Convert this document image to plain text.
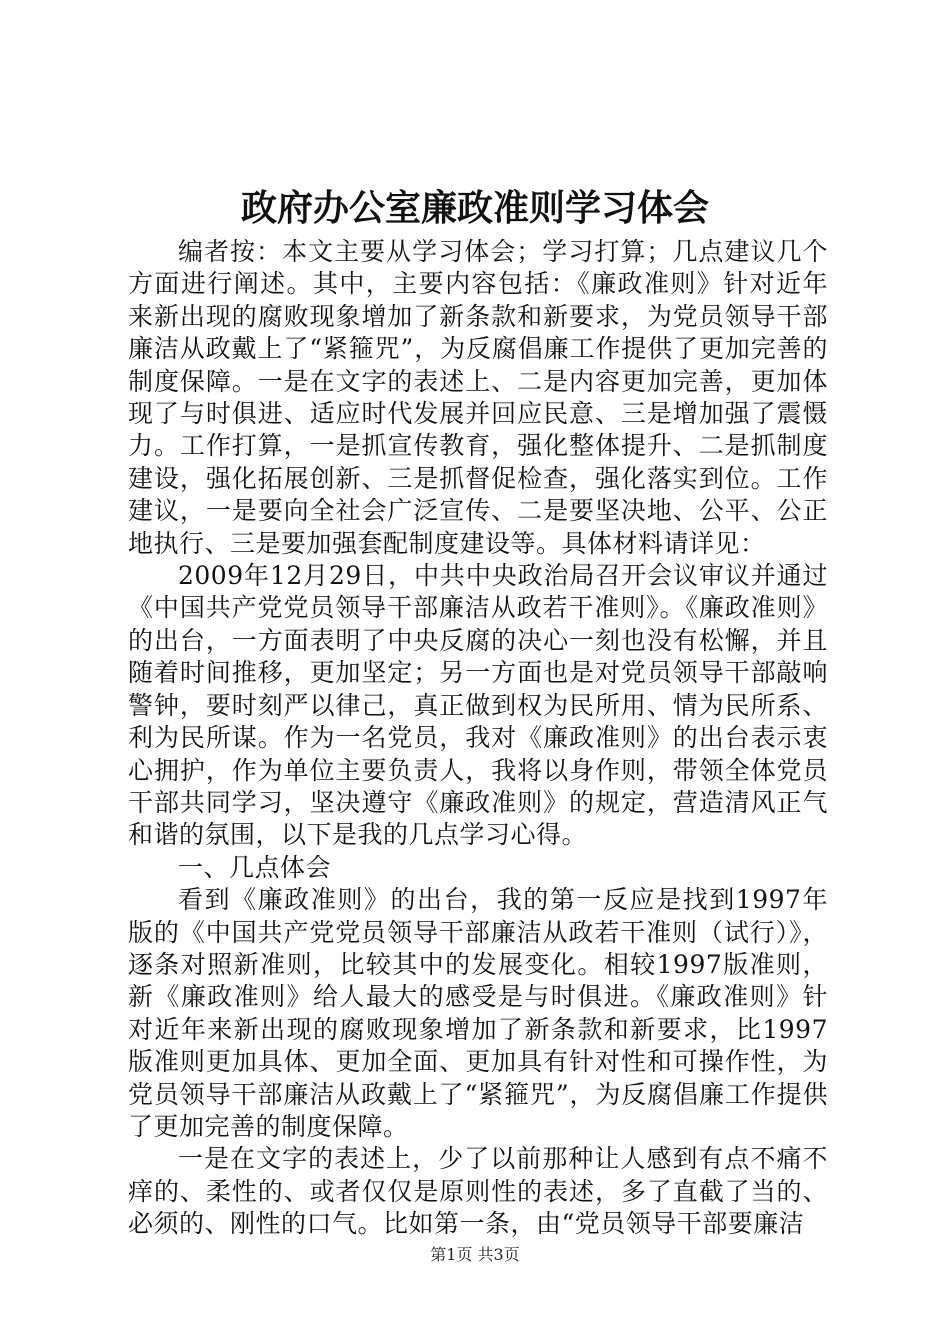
政府办公室廉政准则学习体会

编者按：本文主要从学习体会；学习打算；几点建议几个方面进行阐述。其中，主要内容包括：《廉政准则》针对近年来新出现的腐败现象增加了新条款和新要求，为党员领导干部廉洁从政戴上了“紧箍咒”，为反腐倡廉工作提供了更加完善的制度保障。一是在文字的表述上、二是内容更加完善，更加体现了与时俱进、适应时代发展并回应民意、三是增加强了震慑力。工作打算，一是抓宣传教育，强化整体提升、二是抓制度建设，强化拓展创新、三是抓督促检查，强化落实到位。工作建议，一是要向全社会广泛宣传、二是要坚决地、公平、公正地执行、三是要加强套配制度建设等。具体材料请详见：

2009年12月29日，中共中央政治局召开会议审议并通过《中国共产党党员领导干部廉洁从政若干准则》。《廉政准则》的出台，一方面表明了中央反腐的决心一刻也没有松懈，并且随着时间推移，更加坚定；另一方面也是对党员领导干部敲响警钟，要时刻严以律己，真正做到权为民所用、情为民所系、利为民所谋。作为一名党员，我对《廉政准则》的出台表示衷心拥护，作为单位主要负责人，我将以身作则，带领全体党员干部共同学习，坚决遵守《廉政准则》的规定，营造清风正气和谐的氛围，以下是我的几点学习心得。

一、几点体会

看到《廉政准则》的出台，我的第一反应是找到1997年版的《中国共产党党员领导干部廉洁从政若干准则（试行）》，逐条对照新准则，比较其中的发展变化。相较1997版准则，新《廉政准则》给人最大的感受是与时俱进。《廉政准则》针对近年来新出现的腐败现象增加了新条款和新要求，比1997版准则更加具体、更加全面、更加具有针对性和可操作性，为党员领导干部廉洁从政戴上了“紧箍咒”，为反腐倡廉工作提供了更加完善的制度保障。

一是在文字的表述上，少了以前那种让人感到有点不痛不痒的、柔性的、或者仅仅是原则性的表述，多了直截了当的、必须的、刚性的口气。比如第一条，由“党员领导干部要廉洁

第1页 共3页
